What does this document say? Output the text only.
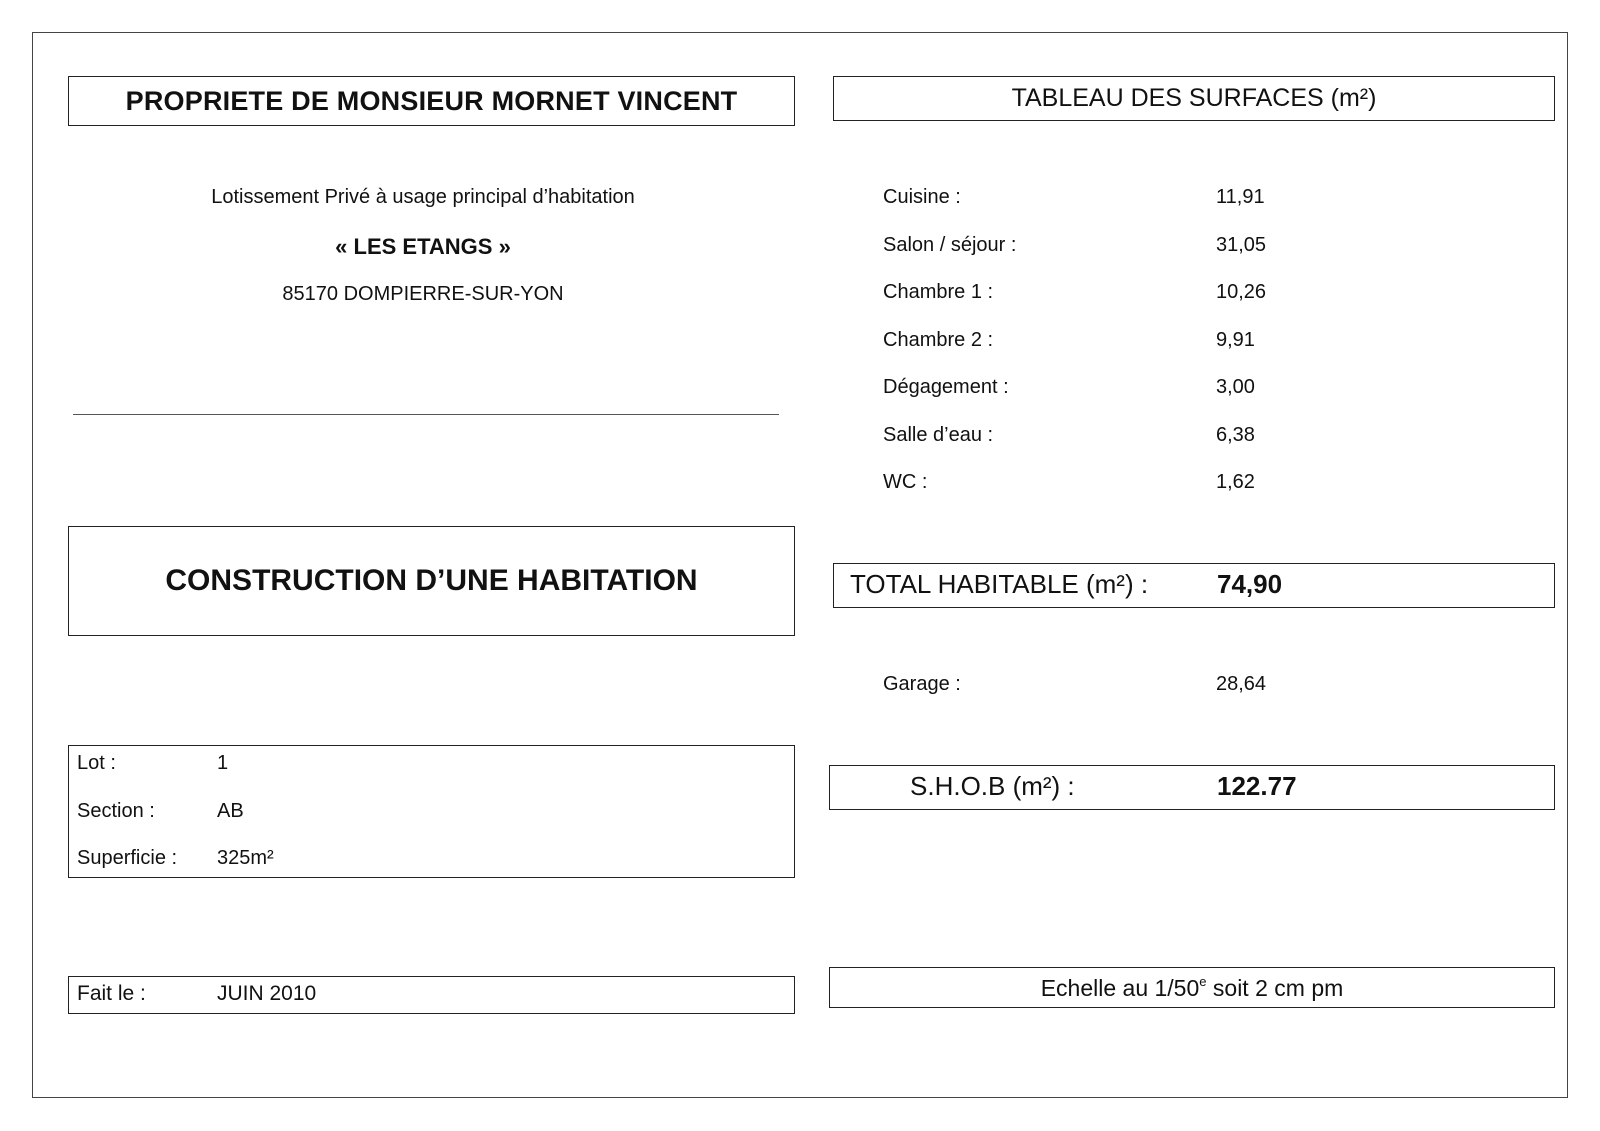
PROPRIETE DE MONSIEUR MORNET VINCENT
Lotissement Privé à usage principal d’habitation
« LES ETANGS »
85170 DOMPIERRE-SUR-YON
CONSTRUCTION D’UNE HABITATION
Lot :	1
Section :	AB
Superficie : 325m²
Fait le :	JUIN 2010
TABLEAU DES SURFACES (m²)
Cuisine :	11,91
Salon / séjour :	31,05
Chambre 1 :	10,26
Chambre 2 :	9,91
Dégagement :	3,00
Salle d’eau :	6,38
WC :	1,62
TOTAL HABITABLE (m²) :	74,90
Garage :	28,64
S.H.O.B (m²) :	122.77
Echelle au 1/50e soit 2 cm pm
